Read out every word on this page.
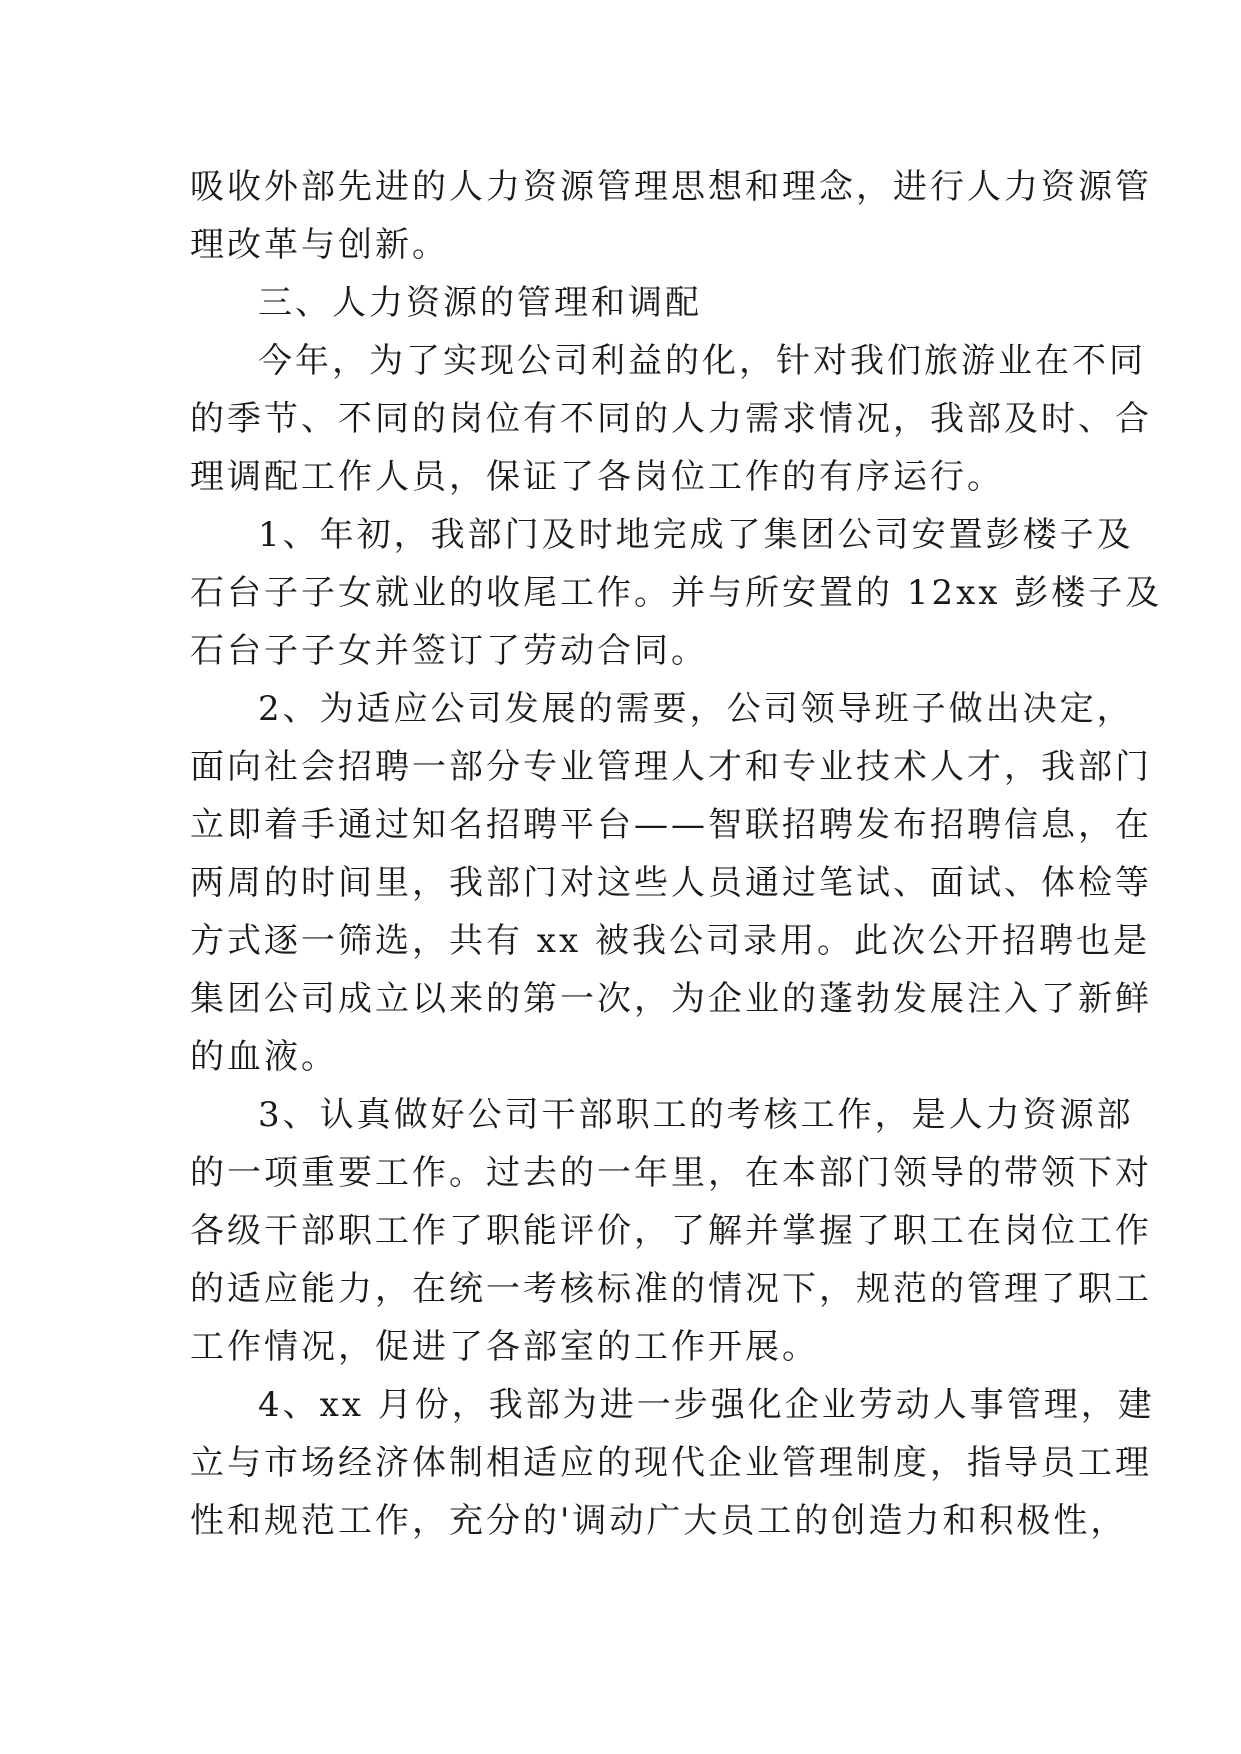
吸收外部先进的人力资源管理思想和理念，进行人力资源管
理改革与创新。

三、人力资源的管理和调配

今年，为了实现公司利益的化，针对我们旅游业在不同
的季节、不同的岗位有不同的人力需求情况，我部及时、合
理调配工作人员，保证了各岗位工作的有序运行。

1、年初，我部门及时地完成了集团公司安置彭楼子及
石台子子女就业的收尾工作。并与所安置的 12xx 彭楼子及
石台子子女并签订了劳动合同。

2、为适应公司发展的需要，公司领导班子做出决定，
面向社会招聘一部分专业管理人才和专业技术人才，我部门
立即着手通过知名招聘平台——智联招聘发布招聘信息，在
两周的时间里，我部门对这些人员通过笔试、面试、体检等
方式逐一筛选，共有 xx 被我公司录用。此次公开招聘也是
集团公司成立以来的第一次，为企业的蓬勃发展注入了新鲜
的血液。

3、认真做好公司干部职工的考核工作，是人力资源部
的一项重要工作。过去的一年里，在本部门领导的带领下对
各级干部职工作了职能评价，了解并掌握了职工在岗位工作
的适应能力，在统一考核标准的情况下，规范的管理了职工
工作情况，促进了各部室的工作开展。

4、xx 月份，我部为进一步强化企业劳动人事管理，建
立与市场经济体制相适应的现代企业管理制度，指导员工理
性和规范工作，充分的'调动广大员工的创造力和积极性，
